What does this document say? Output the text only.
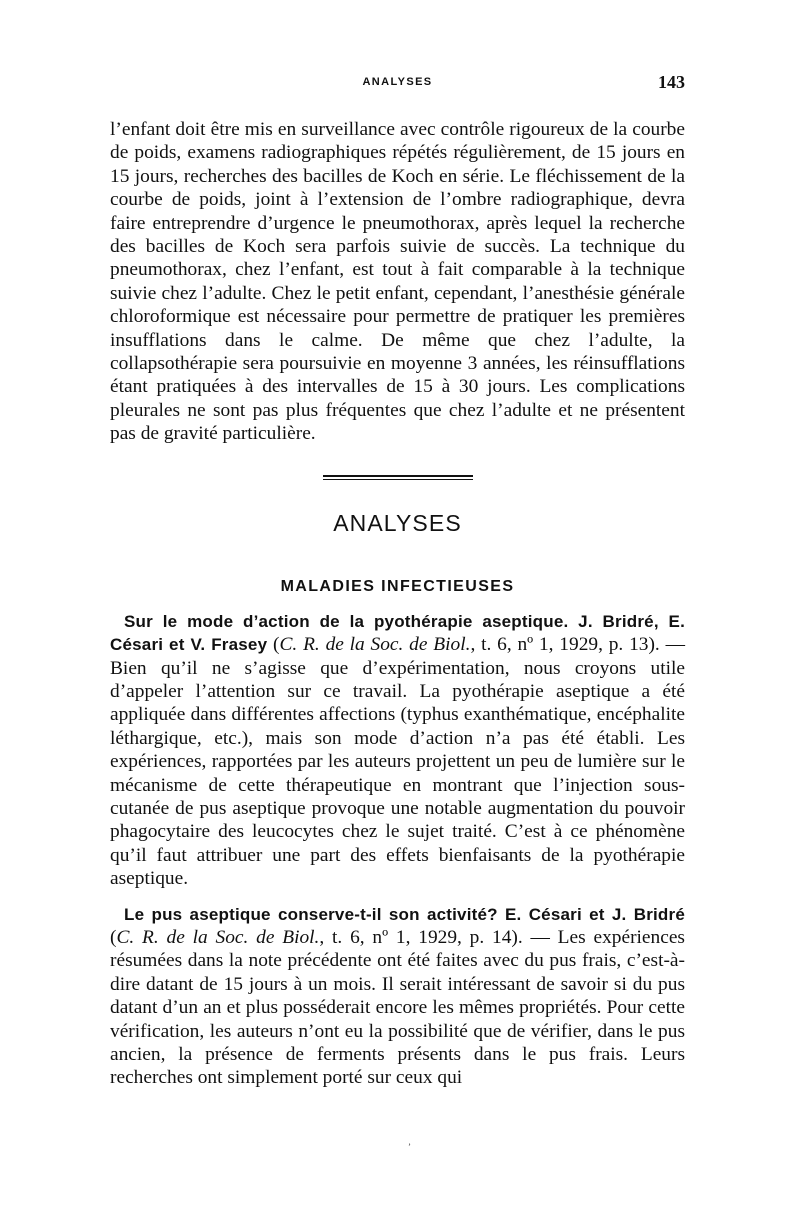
ANALYSES	143

l’enfant doit être mis en surveillance avec contrôle rigoureux de la courbe de poids, examens radiographiques répétés régulièrement, de 15 jours en 15 jours, recherches des bacilles de Koch en série. Le fléchissement de la courbe de poids, joint à l’extension de l’ombre radiographique, devra faire entreprendre d’urgence le pneumothorax, après lequel la recherche des bacilles de Koch sera parfois suivie de succès. La technique du pneumothorax, chez l’enfant, est tout à fait comparable à la technique suivie chez l’adulte. Chez le petit enfant, cependant, l’anesthésie générale chloroformique est nécessaire pour permettre de pratiquer les premières insufflations dans le calme. De même que chez l’adulte, la collapsothérapie sera poursuivie en moyenne 3 années, les réinsufflations étant pratiquées à des intervalles de 15 à 30 jours. Les complications pleurales ne sont pas plus fréquentes que chez l’adulte et ne présentent pas de gravité particulière.

ANALYSES
MALADIES INFECTIEUSES

Sur le mode d’action de la pyothérapie aseptique. J. Bridré, E. Césari et V. Frasey (C. R. de la Soc. de Biol., t. 6, nº 1, 1929, p. 13). — Bien qu’il ne s’agisse que d’expérimentation, nous croyons utile d’appeler l’attention sur ce travail. La pyothérapie aseptique a été appliquée dans différentes affections (typhus exanthématique, encéphalite léthargique, etc.), mais son mode d’action n’a pas été établi. Les expériences, rapportées par les auteurs projettent un peu de lumière sur le mécanisme de cette thérapeutique en montrant que l’injection sous-cutanée de pus aseptique provoque une notable augmentation du pouvoir phagocytaire des leucocytes chez le sujet traité. C’est à ce phénomène qu’il faut attribuer une part des effets bienfaisants de la pyothérapie aseptique.

Le pus aseptique conserve-t-il son activité? E. Césari et J. Bridré (C. R. de la Soc. de Biol., t. 6, nº 1, 1929, p. 14). — Les expériences résumées dans la note précédente ont été faites avec du pus frais, c’est-à-dire datant de 15 jours à un mois. Il serait intéressant de savoir si du pus datant d’un an et plus posséderait encore les mêmes propriétés. Pour cette vérification, les auteurs n’ont eu la possibilité que de vérifier, dans le pus ancien, la présence de ferments présents dans le pus frais. Leurs recherches ont simplement porté sur ceux qui

’
